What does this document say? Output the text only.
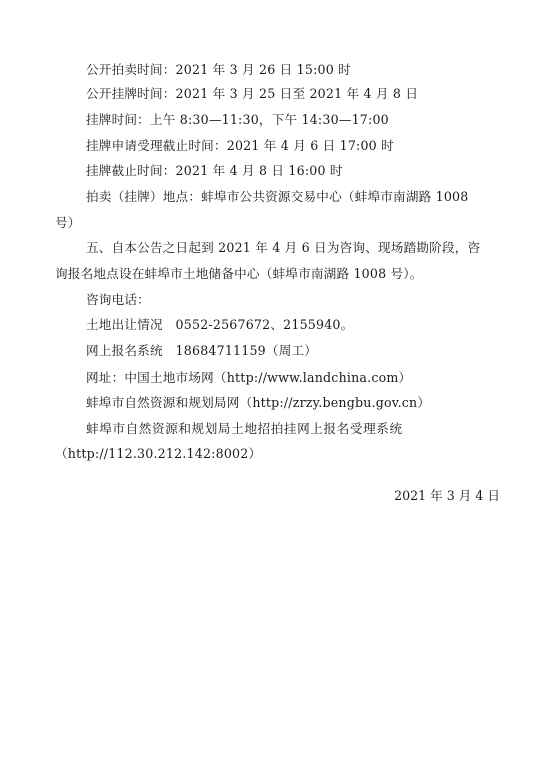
公开拍卖时间：2021 年 3 月 26 日 15:00 时
公开挂牌时间：2021 年 3 月 25 日至 2021 年 4 月 8 日
挂牌时间：上午 8:30—11:30，下午 14:30—17:00
挂牌申请受理截止时间：2021 年 4 月 6 日 17:00 时
挂牌截止时间：2021 年 4 月 8 日 16:00 时
拍卖（挂牌）地点：蚌埠市公共资源交易中心（蚌埠市南湖路 1008
号）
五、自本公告之日起到 2021 年 4 月 6 日为咨询、现场踏勘阶段，咨
询报名地点设在蚌埠市土地储备中心（蚌埠市南湖路 1008 号）。
咨询电话：
土地出让情况　0552-2567672、2155940。
网上报名系统　18684711159（周工）
网址：中国土地市场网（http://www.landchina.com）
蚌埠市自然资源和规划局网（http://zrzy.bengbu.gov.cn）
蚌埠市自然资源和规划局土地招拍挂网上报名受理系统
（http://112.30.212.142:8002）
2021 年 3 月 4 日
